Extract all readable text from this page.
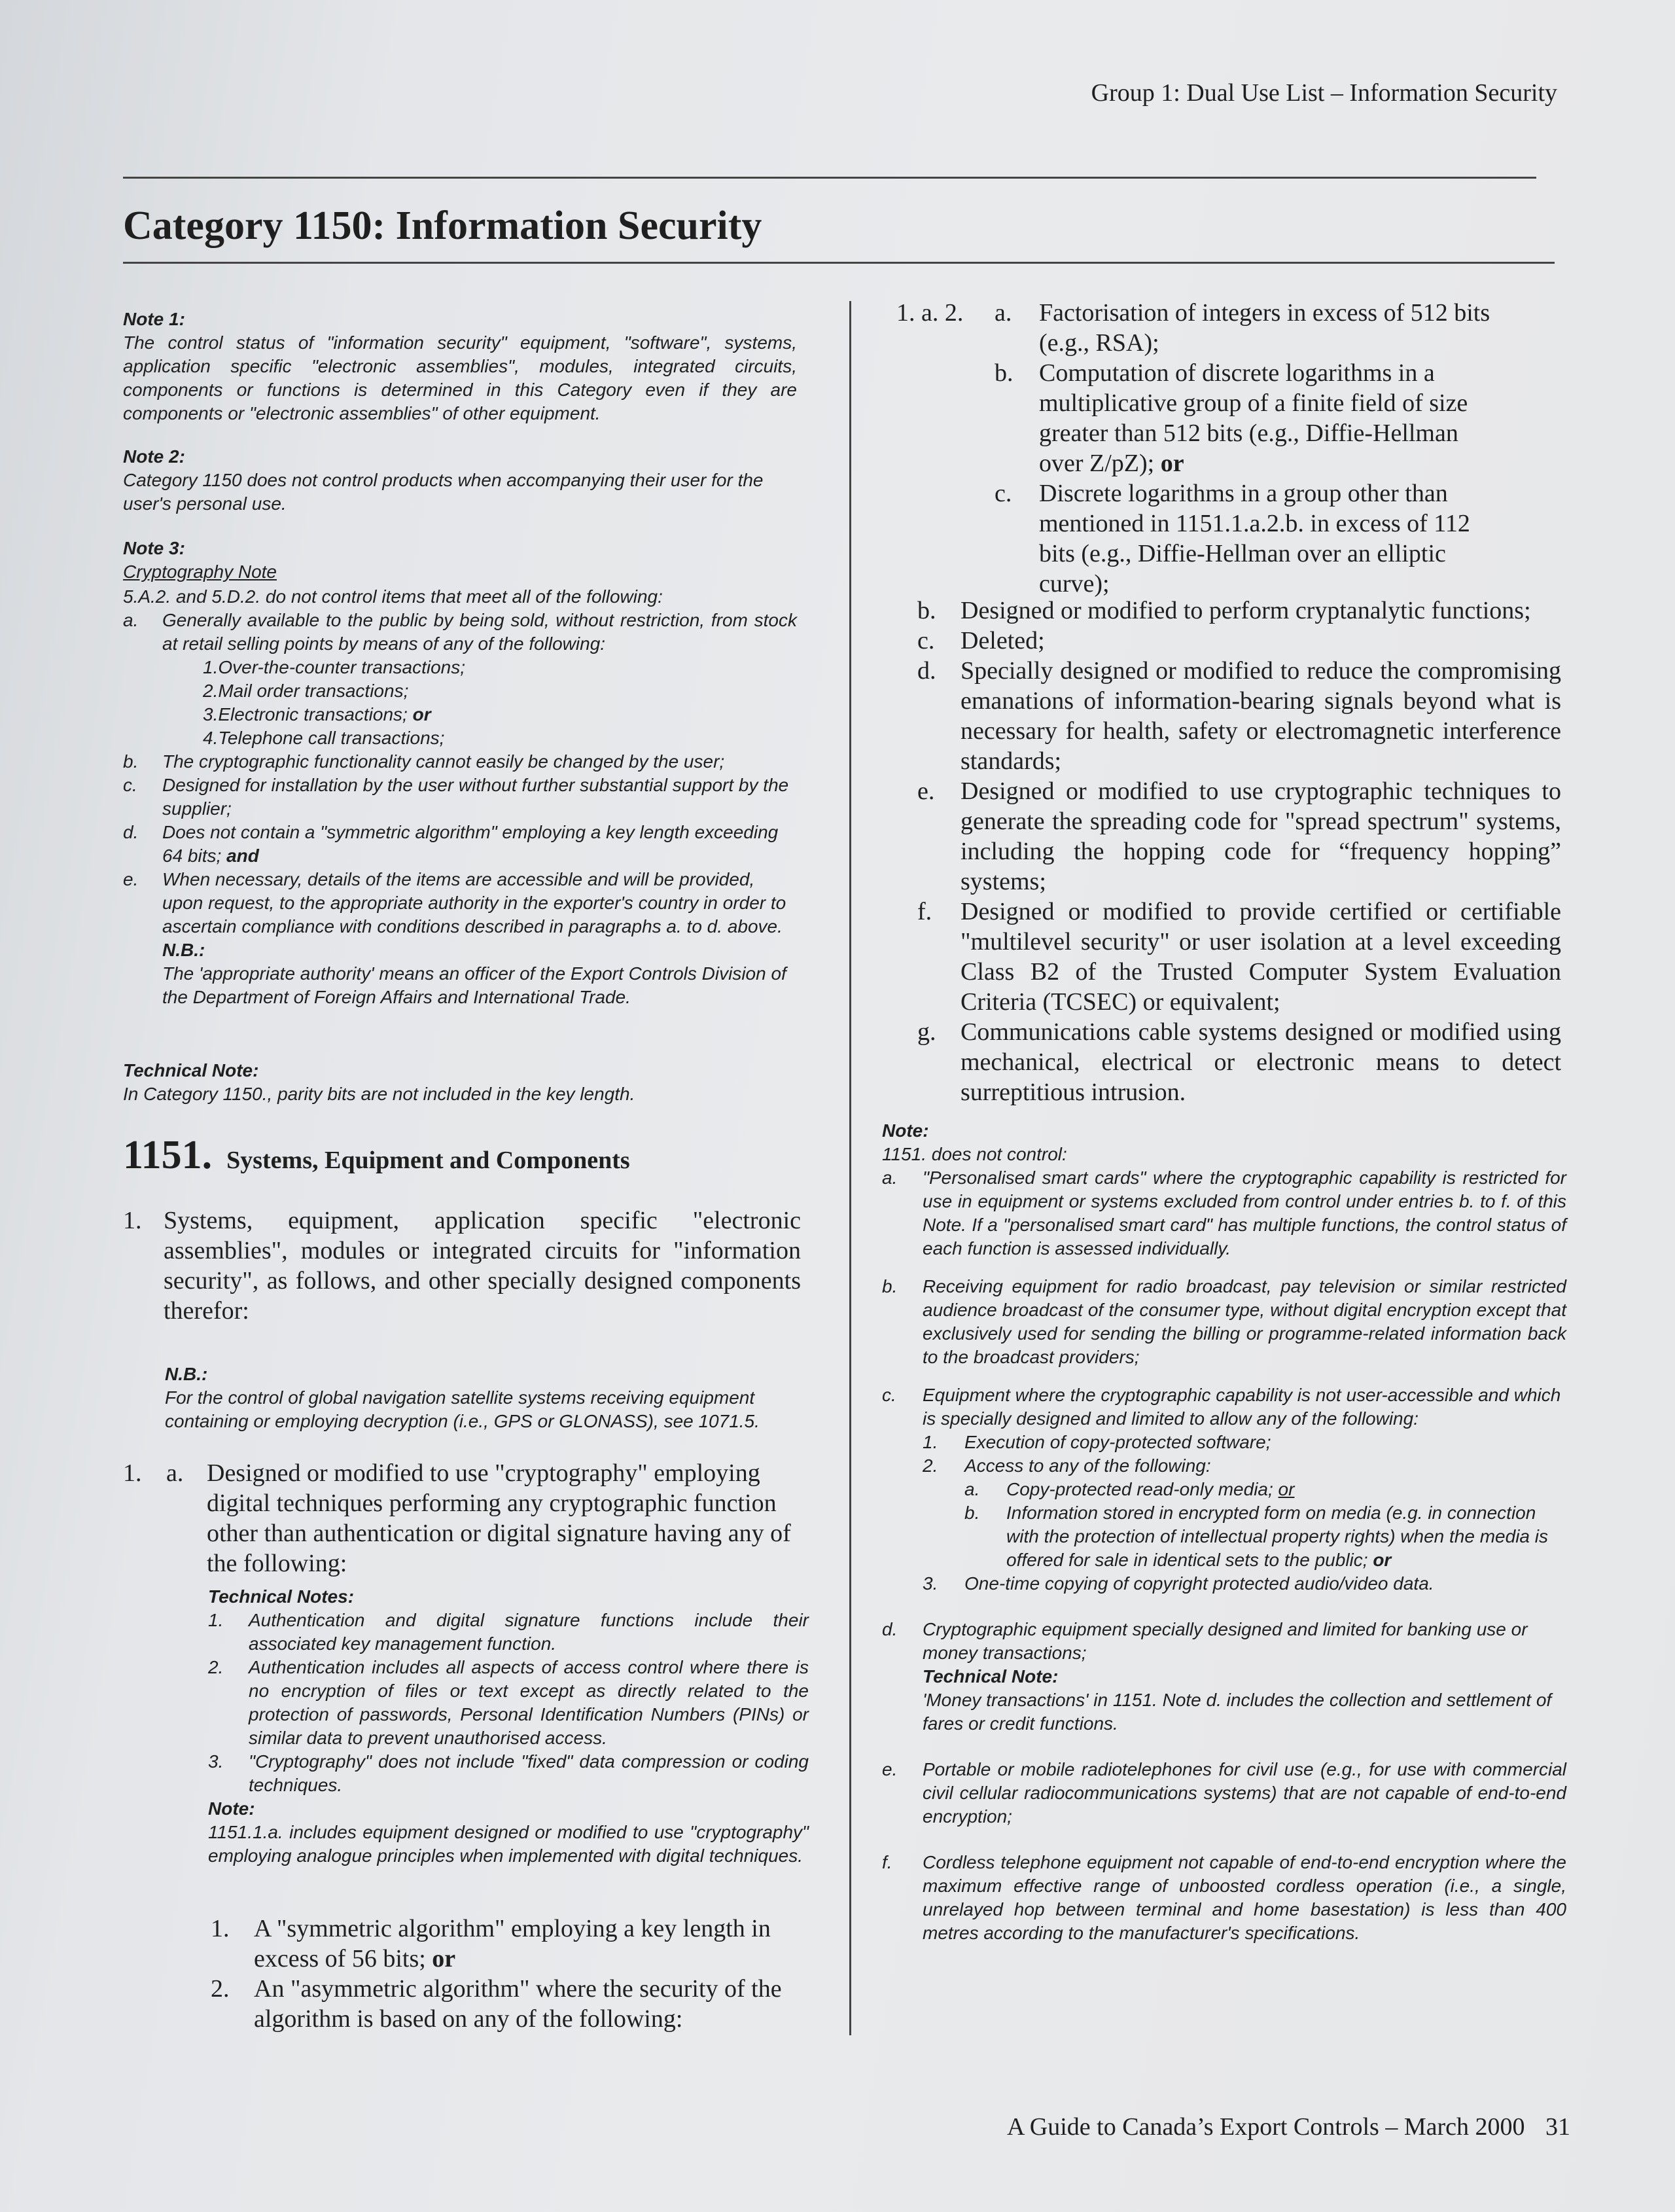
Group 1: Dual Use List – Information Security
Category 1150: Information Security
Note 1:
The control status of "information security" equipment, "software", systems, application specific "electronic assemblies", modules, integrated circuits, components or functions is determined in this Category even if they are components or "electronic assemblies" of other equipment.
Note 2:
Category 1150 does not control products when accompanying their user for the user's personal use.
Note 3:
Cryptography Note
5.A.2. and 5.D.2. do not control items that meet all of the following:
a. Generally available to the public by being sold, without restriction, from stock at retail selling points by means of any of the following:
1.Over-the-counter transactions;
2.Mail order transactions;
3.Electronic transactions; or
4.Telephone call transactions;
b. The cryptographic functionality cannot easily be changed by the user;
c. Designed for installation by the user without further substantial support by the supplier;
d. Does not contain a "symmetric algorithm" employing a key length exceeding 64 bits; and
e. When necessary, details of the items are accessible and will be provided, upon request, to the appropriate authority in the exporter's country in order to ascertain compliance with conditions described in paragraphs a. to d. above.
N.B.:
The 'appropriate authority' means an officer of the Export Controls Division of the Department of Foreign Affairs and International Trade.
Technical Note:
In Category 1150., parity bits are not included in the key length.
1151. Systems, Equipment and Components
1. Systems, equipment, application specific "electronic assemblies", modules or integrated circuits for "information security", as follows, and other specially designed components therefor:
N.B.:
For the control of global navigation satellite systems receiving equipment containing or employing decryption (i.e., GPS or GLONASS), see 1071.5.
1. a. Designed or modified to use "cryptography" employing digital techniques performing any cryptographic function other than authentication or digital signature having any of the following:
Technical Notes:
1. Authentication and digital signature functions include their associated key management function.
2. Authentication includes all aspects of access control where there is no encryption of files or text except as directly related to the protection of passwords, Personal Identification Numbers (PINs) or similar data to prevent unauthorised access.
3. "Cryptography" does not include "fixed" data compression or coding techniques.
Note:
1151.1.a. includes equipment designed or modified to use "cryptography" employing analogue principles when implemented with digital techniques.
1. A "symmetric algorithm" employing a key length in excess of 56 bits; or
2. An "asymmetric algorithm" where the security of the algorithm is based on any of the following:
1. a. 2. a. Factorisation of integers in excess of 512 bits (e.g., RSA);
b. Computation of discrete logarithms in a multiplicative group of a finite field of size greater than 512 bits (e.g., Diffie-Hellman over Z/pZ); or
c. Discrete logarithms in a group other than mentioned in 1151.1.a.2.b. in excess of 112 bits (e.g., Diffie-Hellman over an elliptic curve);
b. Designed or modified to perform cryptanalytic functions;
c. Deleted;
d. Specially designed or modified to reduce the compromising emanations of information-bearing signals beyond what is necessary for health, safety or electromagnetic interference standards;
e. Designed or modified to use cryptographic techniques to generate the spreading code for "spread spectrum" systems, including the hopping code for “frequency hopping” systems;
f. Designed or modified to provide certified or certifiable "multilevel security" or user isolation at a level exceeding Class B2 of the Trusted Computer System Evaluation Criteria (TCSEC) or equivalent;
g. Communications cable systems designed or modified using mechanical, electrical or electronic means to detect surreptitious intrusion.
Note:
1151. does not control:
a. "Personalised smart cards" where the cryptographic capability is restricted for use in equipment or systems excluded from control under entries b. to f. of this Note. If a "personalised smart card" has multiple functions, the control status of each function is assessed individually.
b. Receiving equipment for radio broadcast, pay television or similar restricted audience broadcast of the consumer type, without digital encryption except that exclusively used for sending the billing or programme-related information back to the broadcast providers;
c. Equipment where the cryptographic capability is not user-accessible and which is specially designed and limited to allow any of the following:
1. Execution of copy-protected software;
2. Access to any of the following:
a. Copy-protected read-only media; or
b. Information stored in encrypted form on media (e.g. in connection with the protection of intellectual property rights) when the media is offered for sale in identical sets to the public; or
3. One-time copying of copyright protected audio/video data.
d. Cryptographic equipment specially designed and limited for banking use or money transactions;
Technical Note:
'Money transactions' in 1151. Note d. includes the collection and settlement of fares or credit functions.
e. Portable or mobile radiotelephones for civil use (e.g., for use with commercial civil cellular radiocommunications systems) that are not capable of end-to-end encryption;
f. Cordless telephone equipment not capable of end-to-end encryption where the maximum effective range of unboosted cordless operation (i.e., a single, unrelayed hop between terminal and home basestation) is less than 400 metres according to the manufacturer's specifications.
A Guide to Canada’s Export Controls – March 2000 31
